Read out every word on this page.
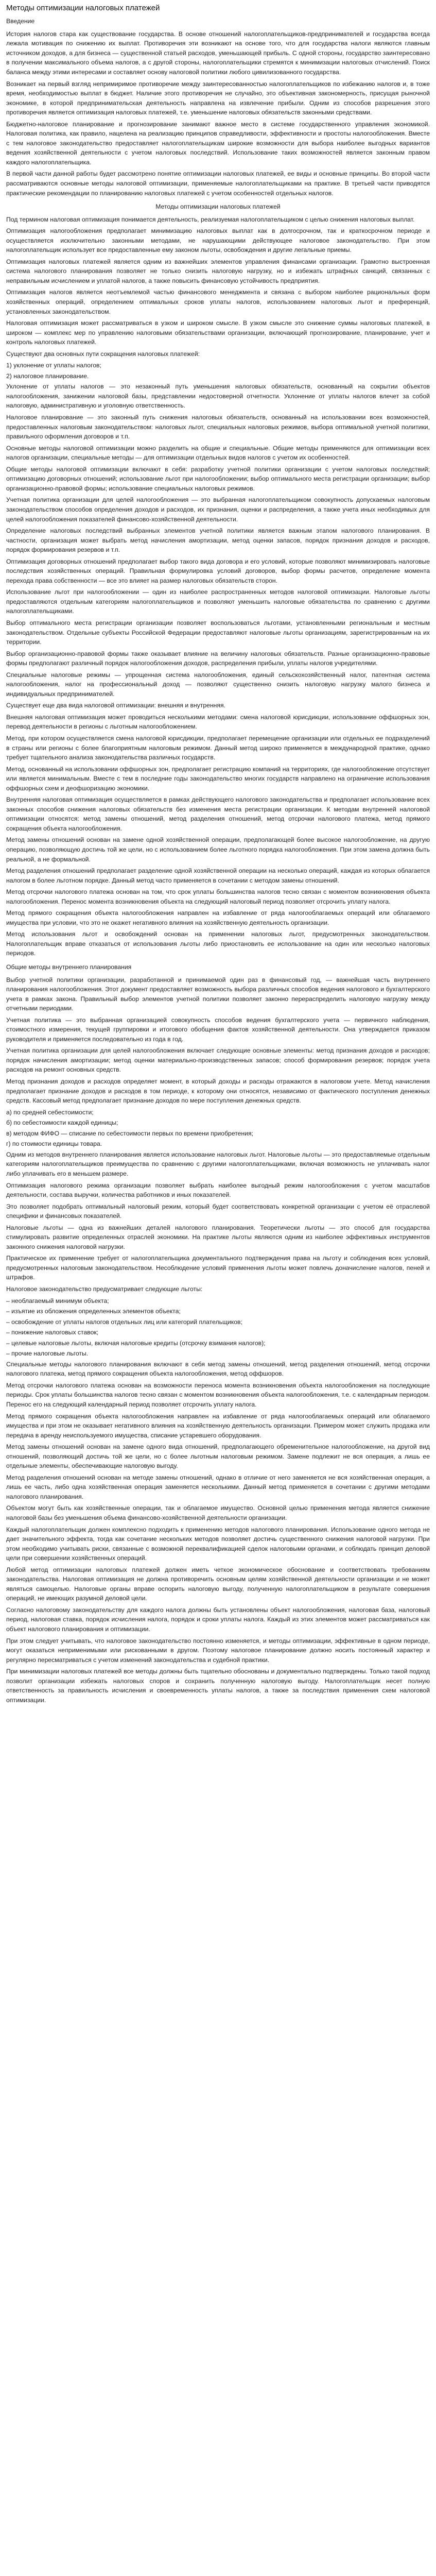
Методы оптимизации налоговых платежей
Введение
История налогов стара как существование государства. В основе отношений налогоплательщиков-предпринимателей и государства всегда лежала мотивация по снижению их выплат. Противоречия эти возникают на основе того, что для государства налоги являются главным источником доходов, а для бизнеса — существенной статьей расходов, уменьшающей прибыль. С одной стороны, государство заинтересовано в получении максимального объема налогов, а с другой стороны, налогоплательщики стремятся к минимизации налоговых отчислений. Поиск баланса между этими интересами и составляет основу налоговой политики любого цивилизованного государства.
Возникает на первый взгляд непримиримое противоречие между заинтересованностью налогоплательщиков по избежанию налогов и, в тоже время, необходимостью выплат в бюджет. Наличие этого противоречия не случайно, это объективная закономерность, присущая рыночной экономике, в которой предпринимательская деятельность направлена на извлечение прибыли. Одним из способов разрешения этого противоречия является оптимизация налоговых платежей, т.е. уменьшение налоговых обязательств законными средствами.
Бюджетно-налоговое планирование и прогнозирование занимают важное место в системе государственного управления экономикой. Налоговая политика, как правило, нацелена на реализацию принципов справедливости, эффективности и простоты налогообложения. Вместе с тем налоговое законодательство предоставляет налогоплательщикам широкие возможности для выбора наиболее выгодных вариантов ведения хозяйственной деятельности с учетом налоговых последствий. Использование таких возможностей является законным правом каждого налогоплательщика.
В первой части данной работы будет рассмотрено понятие оптимизации налоговых платежей, ее виды и основные принципы. Во второй части рассматриваются основные методы налоговой оптимизации, применяемые налогоплательщиками на практике. В третьей части приводятся практические рекомендации по планированию налоговых платежей с учетом особенностей отдельных налогов.
Методы оптимизации налоговых платежей
Под термином налоговая оптимизация понимается деятельность, реализуемая налогоплательщиком с целью снижения налоговых выплат.
Оптимизация налогообложения предполагает минимизацию налоговых выплат как в долгосрочном, так и краткосрочном периоде и осуществляется исключительно законными методами, не нарушающими действующее налоговое законодательство. При этом налогоплательщик использует все предоставленные ему законом льготы, освобождения и другие легальные приемы.
Оптимизация налоговых платежей является одним из важнейших элементов управления финансами организации. Грамотно выстроенная система налогового планирования позволяет не только снизить налоговую нагрузку, но и избежать штрафных санкций, связанных с неправильным исчислением и уплатой налогов, а также повысить финансовую устойчивость предприятия.
Оптимизация налогов является неотъемлемой частью финансового менеджмента и связана с выбором наиболее рациональных форм хозяйственных операций, определением оптимальных сроков уплаты налогов, использованием налоговых льгот и преференций, установленных законодательством.
Налоговая оптимизация может рассматриваться в узком и широком смысле. В узком смысле это снижение суммы налоговых платежей, в широком — комплекс мер по управлению налоговыми обязательствами организации, включающий прогнозирование, планирование, учет и контроль налоговых платежей.
Существуют два основных пути сокращения налоговых платежей:
1) уклонение от уплаты налогов;
2) налоговое планирование.
Уклонение от уплаты налогов — это незаконный путь уменьшения налоговых обязательств, основанный на сокрытии объектов налогообложения, занижении налоговой базы, представлении недостоверной отчетности. Уклонение от уплаты налогов влечет за собой налоговую, административную и уголовную ответственность.
Налоговое планирование — это законный путь снижения налоговых обязательств, основанный на использовании всех возможностей, предоставленных налоговым законодательством: налоговых льгот, специальных налоговых режимов, выбора оптимальной учетной политики, правильного оформления договоров и т.п.
Основные методы налоговой оптимизации можно разделить на общие и специальные. Общие методы применяются для оптимизации всех налогов организации, специальные методы — для оптимизации отдельных видов налогов с учетом их особенностей.
Общие методы налоговой оптимизации включают в себя: разработку учетной политики организации с учетом налоговых последствий; оптимизацию договорных отношений; использование льгот при налогообложении; выбор оптимального места регистрации организации; выбор организационно-правовой формы; использование специальных налоговых режимов.
Учетная политика организации для целей налогообложения — это выбранная налогоплательщиком совокупность допускаемых налоговым законодательством способов определения доходов и расходов, их признания, оценки и распределения, а также учета иных необходимых для целей налогообложения показателей финансово-хозяйственной деятельности.
Определение налоговых последствий выбранных элементов учетной политики является важным этапом налогового планирования. В частности, организация может выбрать метод начисления амортизации, метод оценки запасов, порядок признания доходов и расходов, порядок формирования резервов и т.п.
Оптимизация договорных отношений предполагает выбор такого вида договора и его условий, которые позволяют минимизировать налоговые последствия хозяйственных операций. Правильная формулировка условий договоров, выбор формы расчетов, определение момента перехода права собственности — все это влияет на размер налоговых обязательств сторон.
Использование льгот при налогообложении — один из наиболее распространенных методов налоговой оптимизации. Налоговые льготы предоставляются отдельным категориям налогоплательщиков и позволяют уменьшить налоговые обязательства по сравнению с другими налогоплательщиками.
Выбор оптимального места регистрации организации позволяет воспользоваться льготами, установленными региональным и местным законодательством. Отдельные субъекты Российской Федерации предоставляют налоговые льготы организациям, зарегистрированным на их территории.
Выбор организационно-правовой формы также оказывает влияние на величину налоговых обязательств. Разные организационно-правовые формы предполагают различный порядок налогообложения доходов, распределения прибыли, уплаты налогов учредителями.
Специальные налоговые режимы — упрощенная система налогообложения, единый сельскохозяйственный налог, патентная система налогообложения, налог на профессиональный доход — позволяют существенно снизить налоговую нагрузку малого бизнеса и индивидуальных предпринимателей.
Существует еще два вида налоговой оптимизации: внешняя и внутренняя.
Внешняя налоговая оптимизация может проводиться несколькими методами: смена налоговой юрисдикции, использование оффшорных зон, перевод деятельности в регионы с льготным налогообложением.
Метод, при котором осуществляется смена налоговой юрисдикции, предполагает перемещение организации или отдельных ее подразделений в страны или регионы с более благоприятным налоговым режимом. Данный метод широко применяется в международной практике, однако требует тщательного анализа законодательства различных государств.
Метод, основанный на использовании оффшорных зон, предполагает регистрацию компаний на территориях, где налогообложение отсутствует или является минимальным. Вместе с тем в последние годы законодательство многих государств направлено на ограничение использования оффшорных схем и деофшоризацию экономики.
Внутренняя налоговая оптимизация осуществляется в рамках действующего налогового законодательства и предполагает использование всех законных способов снижения налоговых обязательств без изменения места регистрации организации. К методам внутренней налоговой оптимизации относятся: метод замены отношений, метод разделения отношений, метод отсрочки налогового платежа, метод прямого сокращения объекта налогообложения.
Метод замены отношений основан на замене одной хозяйственной операции, предполагающей более высокое налогообложение, на другую операцию, позволяющую достичь той же цели, но с использованием более льготного порядка налогообложения. При этом замена должна быть реальной, а не формальной.
Метод разделения отношений предполагает разделение одной хозяйственной операции на несколько операций, каждая из которых облагается налогом в более льготном порядке. Данный метод часто применяется в сочетании с методом замены отношений.
Метод отсрочки налогового платежа основан на том, что срок уплаты большинства налогов тесно связан с моментом возникновения объекта налогообложения. Перенос момента возникновения объекта на следующий налоговый период позволяет отсрочить уплату налога.
Метод прямого сокращения объекта налогообложения направлен на избавление от ряда налогооблагаемых операций или облагаемого имущества при условии, что это не окажет негативного влияния на хозяйственную деятельность организации.
Метод использования льгот и освобождений основан на применении налоговых льгот, предусмотренных законодательством. Налогоплательщик вправе отказаться от использования льготы либо приостановить ее использование на один или несколько налоговых периодов.
Общие методы внутреннего планирования
Выбор учетной политики организации, разработанной и принимаемой один раз в финансовый год, — важнейшая часть внутреннего планирования налогообложения. Этот документ предоставляет возможность выбора различных способов ведения налогового и бухгалтерского учета в рамках закона. Правильный выбор элементов учетной политики позволяет законно перераспределить налоговую нагрузку между отчетными периодами.
Учетная политика — это выбранная организацией совокупность способов ведения бухгалтерского учета — первичного наблюдения, стоимостного измерения, текущей группировки и итогового обобщения фактов хозяйственной деятельности. Она утверждается приказом руководителя и применяется последовательно из года в год.
Учетная политика организации для целей налогообложения включает следующие основные элементы: метод признания доходов и расходов; порядок начисления амортизации; метод оценки материально-производственных запасов; способ формирования резервов; порядок учета расходов на ремонт основных средств.
Метод признания доходов и расходов определяет момент, в который доходы и расходы отражаются в налоговом учете. Метод начисления предполагает признание доходов и расходов в том периоде, к которому они относятся, независимо от фактического поступления денежных средств. Кассовый метод предполагает признание доходов по мере поступления денежных средств.
а) по средней себестоимости;
б) по себестоимости каждой единицы;
в) методом ФИФО — списание по себестоимости первых по времени приобретения;
г) по стоимости единицы товара.
Одним из методов внутреннего планирования является использование налоговых льгот. Налоговые льготы — это предоставляемые отдельным категориям налогоплательщиков преимущества по сравнению с другими налогоплательщиками, включая возможность не уплачивать налог либо уплачивать его в меньшем размере.
Оптимизация налогового режима организации позволяет выбрать наиболее выгодный режим налогообложения с учетом масштабов деятельности, состава выручки, количества работников и иных показателей.
Это позволяет подобрать оптимальный налоговый режим, который будет соответствовать конкретной организации с учетом её отраслевой специфики и финансовых показателей.
Налоговые льготы — одна из важнейших деталей налогового планирования. Теоретически льготы — это способ для государства стимулировать развитие определенных отраслей экономики. На практике льготы являются одним из наиболее эффективных инструментов законного снижения налоговой нагрузки.
Практическое их применение требует от налогоплательщика документального подтверждения права на льготу и соблюдения всех условий, предусмотренных налоговым законодательством. Несоблюдение условий применения льготы может повлечь доначисление налогов, пеней и штрафов.
Налоговое законодательство предусматривает следующие льготы:
– необлагаемый минимум объекта;
– изъятие из обложения определенных элементов объекта;
– освобождение от уплаты налогов отдельных лиц или категорий плательщиков;
– понижение налоговых ставок;
– целевые налоговые льготы, включая налоговые кредиты (отсрочку взимания налогов);
– прочие налоговые льготы.
Специальные методы налогового планирования включают в себя метод замены отношений, метод разделения отношений, метод отсрочки налогового платежа, метод прямого сокращения объекта налогообложения, метод оффшоров.
Метод отсрочки налогового платежа основан на возможности переноса момента возникновения объекта налогообложения на последующие периоды. Срок уплаты большинства налогов тесно связан с моментом возникновения объекта налогообложения, т.е. с календарным периодом. Перенос его на следующий календарный период позволяет отсрочить уплату налога.
Метод прямого сокращения объекта налогообложения направлен на избавление от ряда налогооблагаемых операций или облагаемого имущества и при этом не оказывает негативного влияния на хозяйственную деятельность организации. Примером может служить продажа или передача в аренду неиспользуемого имущества, списание устаревшего оборудования.
Метод замены отношений основан на замене одного вида отношений, предполагающего обременительное налогообложение, на другой вид отношений, позволяющий достичь той же цели, но с более льготным налоговым режимом. Замене подлежит не вся операция, а лишь ее отдельные элементы, обеспечивающие налоговую выгоду.
Метод разделения отношений основан на методе замены отношений, однако в отличие от него заменяется не вся хозяйственная операция, а лишь ее часть, либо одна хозяйственная операция заменяется несколькими. Данный метод применяется в сочетании с другими методами налогового планирования.
Объектом могут быть как хозяйственные операции, так и облагаемое имущество. Основной целью применения метода является снижение налоговой базы без уменьшения объема финансово-хозяйственной деятельности организации.
Каждый налогоплательщик должен комплексно подходить к применению методов налогового планирования. Использование одного метода не дает значительного эффекта, тогда как сочетание нескольких методов позволяет достичь существенного снижения налоговой нагрузки. При этом необходимо учитывать риски, связанные с возможной переквалификацией сделок налоговыми органами, и соблюдать принцип деловой цели при совершении хозяйственных операций.
Любой метод оптимизации налоговых платежей должен иметь четкое экономическое обоснование и соответствовать требованиям законодательства. Налоговая оптимизация не должна противоречить основным целям хозяйственной деятельности организации и не может являться самоцелью. Налоговые органы вправе оспорить налоговую выгоду, полученную налогоплательщиком в результате совершения операций, не имеющих разумной деловой цели.
Согласно налоговому законодательству для каждого налога должны быть установлены объект налогообложения, налоговая база, налоговый период, налоговая ставка, порядок исчисления налога, порядок и сроки уплаты налога. Каждый из этих элементов может рассматриваться как объект налогового планирования и оптимизации.
При этом следует учитывать, что налоговое законодательство постоянно изменяется, и методы оптимизации, эффективные в одном периоде, могут оказаться неприменимыми или рискованными в другом. Поэтому налоговое планирование должно носить постоянный характер и регулярно пересматриваться с учетом изменений законодательства и судебной практики.
При минимизации налоговых платежей все методы должны быть тщательно обоснованы и документально подтверждены. Только такой подход позволит организации избежать налоговых споров и сохранить полученную налоговую выгоду. Налогоплательщик несет полную ответственность за правильность исчисления и своевременность уплаты налогов, а также за последствия применения схем налоговой оптимизации.
